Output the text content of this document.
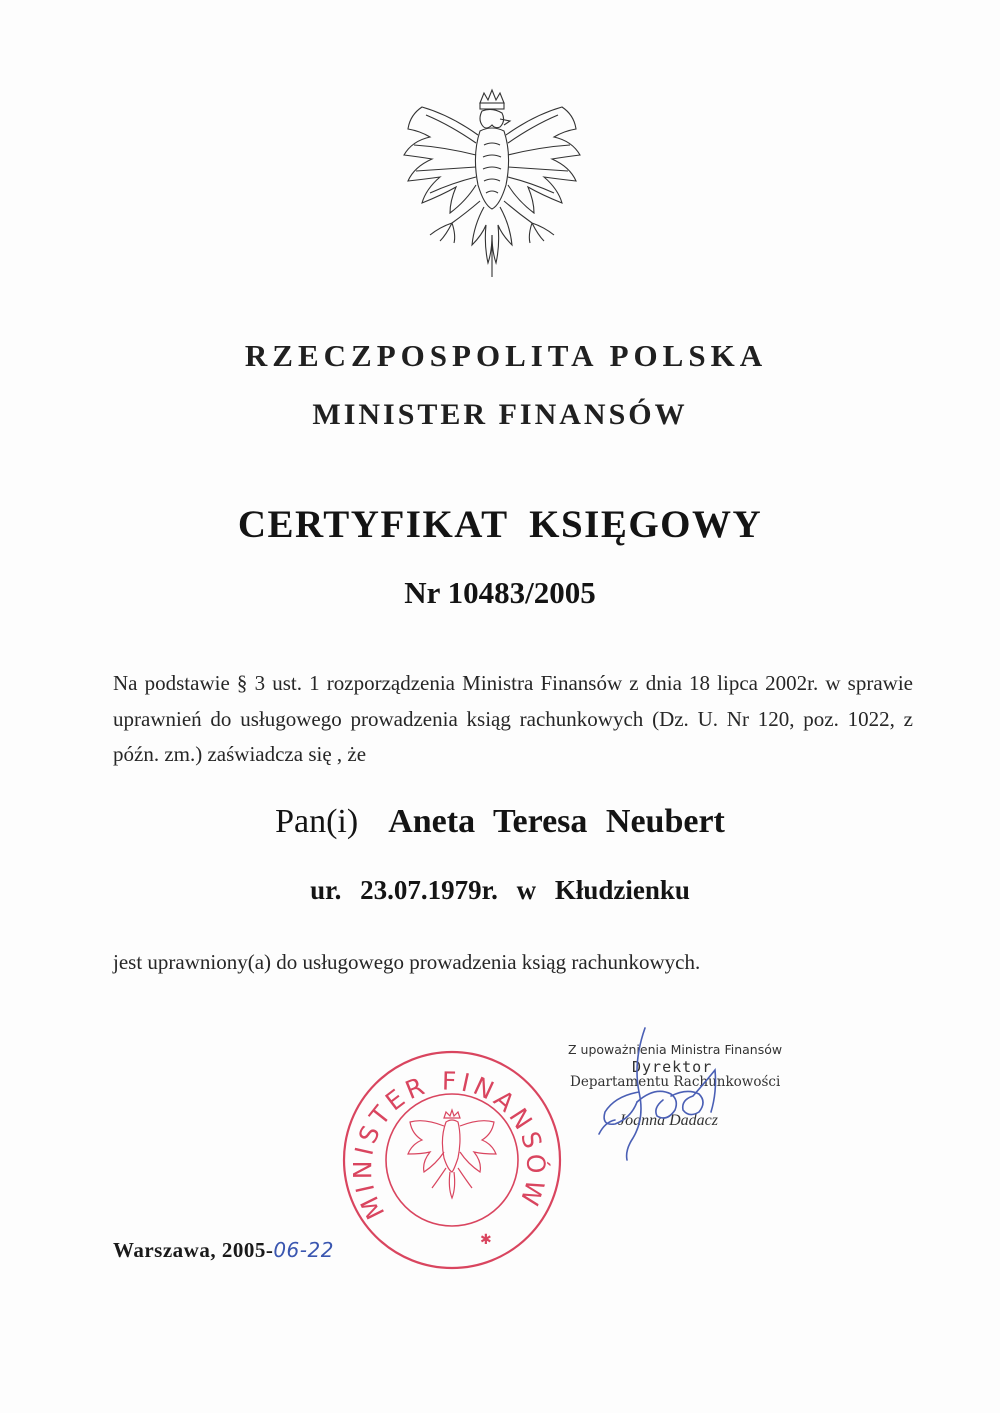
RZECZPOSPOLITA POLSKA
MINISTER FINANSÓW
CERTYFIKAT KSIĘGOWY
Nr 10483/2005
Na podstawie § 3 ust. 1 rozporządzenia Ministra Finansów z dnia 18 lipca 2002r. w sprawie uprawnień do usługowego prowadzenia ksiąg rachunkowych (Dz. U. Nr 120, poz. 1022, z późn. zm.) zaświadcza się , że
Pan(i) Aneta Teresa Neubert
ur. 23.07.1979r. w Kłudzienku
jest uprawniony(a) do usługowego prowadzenia ksiąg rachunkowych.
MINISTER FINANSÓW
✱
Z upoważnienia Ministra Finansów
Dyrektor
Departamentu Rachunkowości
Joanna Dadacz
Warszawa, 2005-06-22
